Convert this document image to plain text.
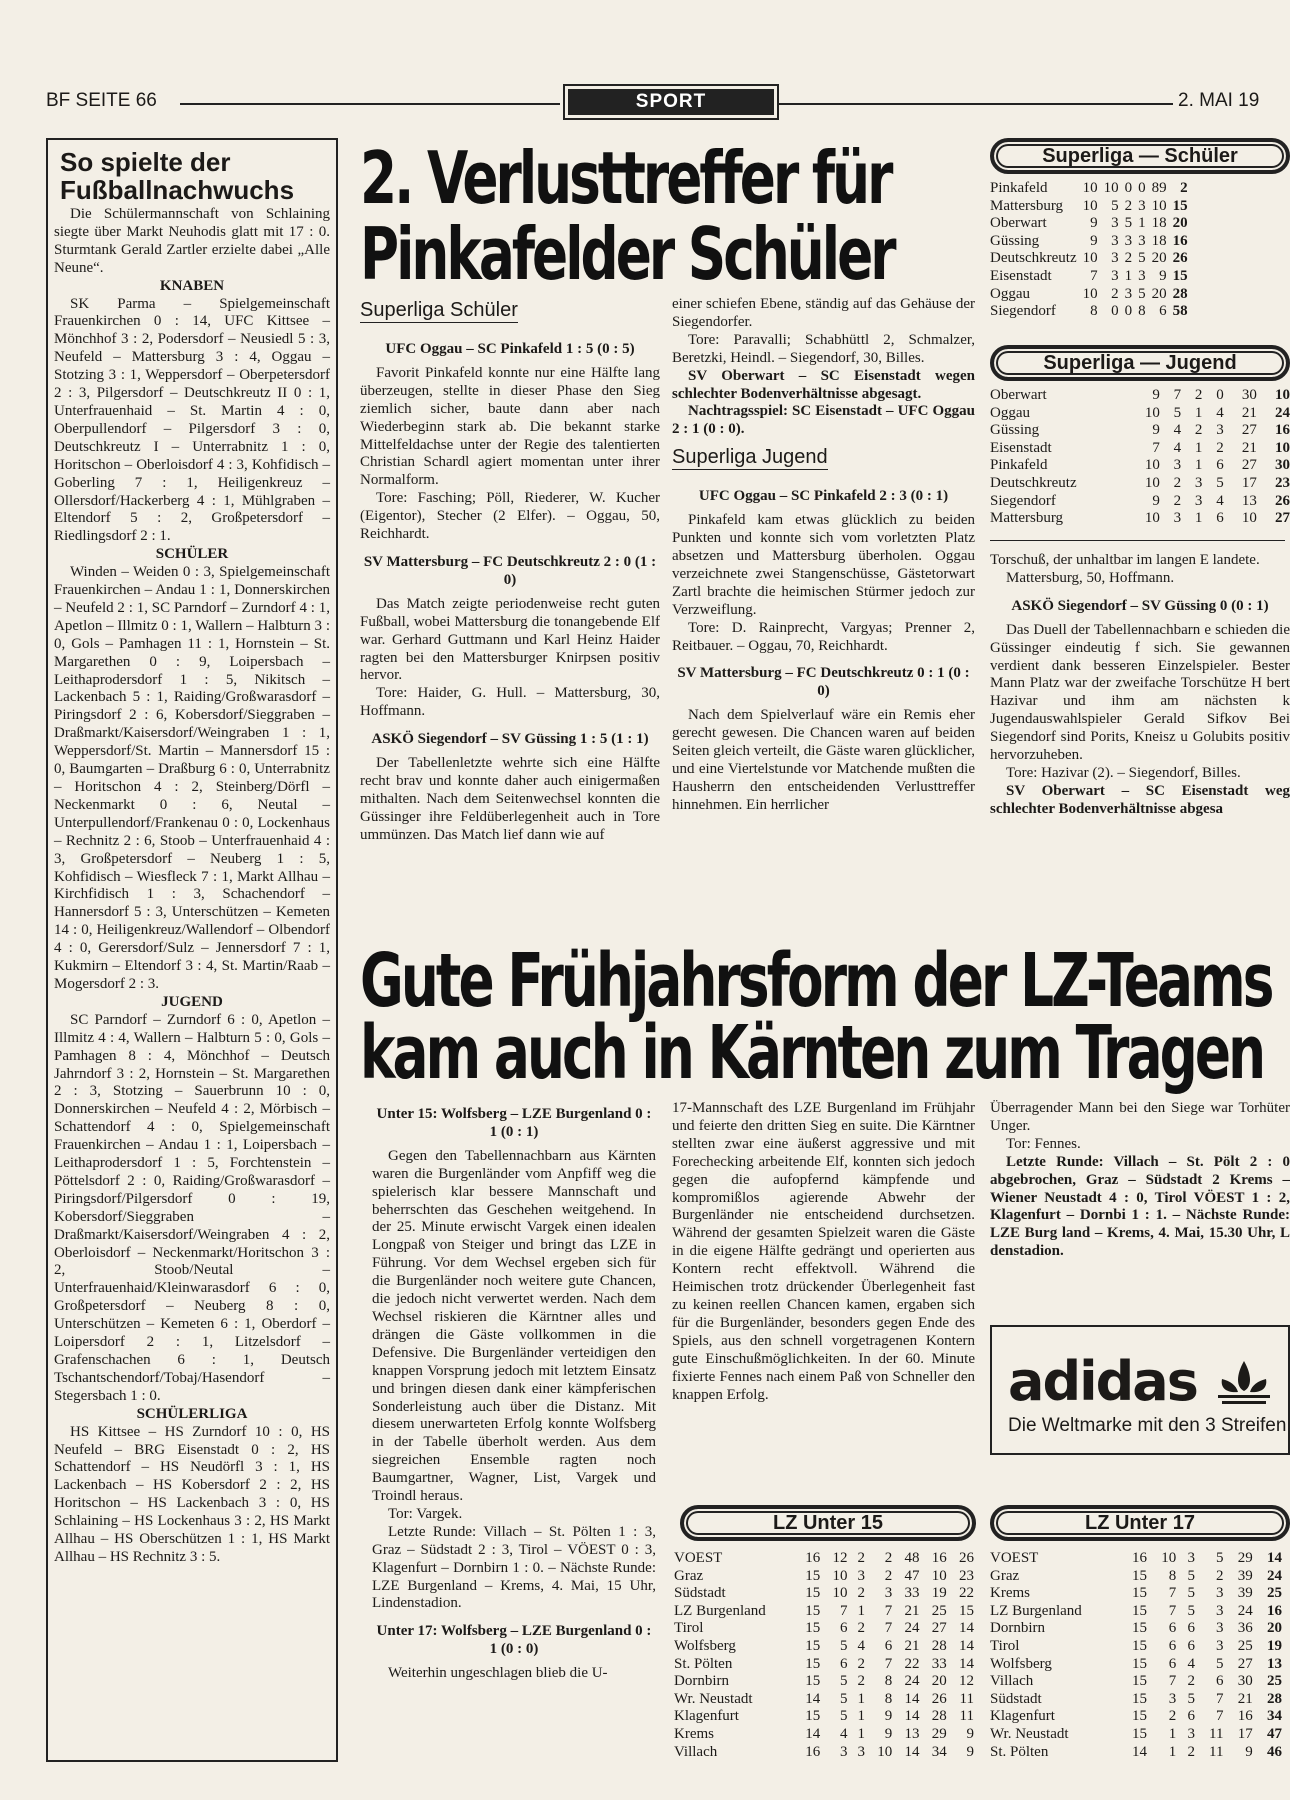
BF SEITE 66	SPORT	2. MAI 19
So spielte der Fußballnachwuchs

Die Schülermannschaft von Schlaining siegte über Markt Neuhodis glatt mit 17 : 0. Sturmtank Gerald Zartler erzielte dabei „Alle Neune“.

KNABEN

SK Parma – Spielgemeinschaft Frauenkirchen 0 : 14, UFC Kittsee – Mönchhof 3 : 2, Podersdorf – Neusiedl 5 : 3, Neufeld – Mattersburg 3 : 4, Oggau – Stotzing 3 : 1, Weppersdorf – Oberpetersdorf 2 : 3, Pilgersdorf – Deutschkreutz II 0 : 1, Unterfrauenhaid – St. Martin 4 : 0, Oberpullendorf – Pilgersdorf 3 : 0, Deutschkreutz I – Unterrabnitz 1 : 0, Horitschon – Oberloisdorf 4 : 3, Kohfidisch – Goberling 7 : 1, Heiligenkreuz – Ollersdorf/Hackerberg 4 : 1, Mühlgraben – Eltendorf 5 : 2, Großpetersdorf – Riedlingsdorf 2 : 1.

SCHÜLER

Winden – Weiden 0 : 3, Spielgemeinschaft Frauenkirchen – Andau 1 : 1, Donnerskirchen – Neufeld 2 : 1, SC Parndorf – Zurndorf 4 : 1, Apetlon – Illmitz 0 : 1, Wallern – Halbturn 3 : 0, Gols – Pamhagen 11 : 1, Hornstein – St. Margarethen 0 : 9, Loipersbach – Leithaprodersdorf 1 : 5, Nikitsch – Lackenbach 5 : 1, Raiding/Großwarasdorf – Piringsdorf 2 : 6, Kobersdorf/Sieggraben – Draßmarkt/Kaisersdorf/Weingraben 1 : 1, Weppersdorf/St. Martin – Mannersdorf 15 : 0, Baumgarten – Draßburg 6 : 0, Unterrabnitz – Horitschon 4 : 2, Steinberg/Dörfl – Neckenmarkt 0 : 6, Neutal – Unterpullendorf/Frankenau 0 : 0, Lockenhaus – Rechnitz 2 : 6, Stoob – Unterfrauenhaid 4 : 3, Großpetersdorf – Neuberg 1 : 5, Kohfidisch – Wiesfleck 7 : 1, Markt Allhau – Kirchfidisch 1 : 3, Schachendorf – Hannersdorf 5 : 3, Unterschützen – Kemeten 14 : 0, Heiligenkreuz/Wallendorf – Olbendorf 4 : 0, Gerersdorf/Sulz – Jennersdorf 7 : 1, Kukmirn – Eltendorf 3 : 4, St. Martin/Raab – Mogersdorf 2 : 3.

JUGEND

SC Parndorf – Zurndorf 6 : 0, Apetlon – Illmitz 4 : 4, Wallern – Halbturn 5 : 0, Gols – Pamhagen 8 : 4, Mönchhof – Deutsch Jahrndorf 3 : 2, Hornstein – St. Margarethen 2 : 3, Stotzing – Sauerbrunn 10 : 0, Donnerskirchen – Neufeld 4 : 2, Mörbisch – Schattendorf 4 : 0, Spielgemeinschaft Frauenkirchen – Andau 1 : 1, Loipersbach – Leithaprodersdorf 1 : 5, Forchtenstein – Pöttelsdorf 2 : 0, Raiding/Großwarasdorf – Piringsdorf/Pilgersdorf 0 : 19, Kobersdorf/Sieggraben – Draßmarkt/Kaisersdorf/Weingraben 4 : 2, Oberloisdorf – Neckenmarkt/Horitschon 3 : 2, Stoob/Neutal – Unterfrauenhaid/Kleinwarasdorf 6 : 0, Großpetersdorf – Neuberg 8 : 0, Unterschützen – Kemeten 6 : 1, Oberdorf – Loipersdorf 2 : 1, Litzelsdorf – Grafenschachen 6 : 1, Deutsch Tschantschendorf/Tobaj/Hasendorf – Stegersbach 1 : 0.

SCHÜLERLIGA

HS Kittsee – HS Zurndorf 10 : 0, HS Neufeld – BRG Eisenstadt 0 : 2, HS Schattendorf – HS Neudörfl 3 : 1, HS Lackenbach – HS Kobersdorf 2 : 2, HS Horitschon – HS Lackenbach 3 : 0, HS Schlaining – HS Lockenhaus 3 : 2, HS Markt Allhau – HS Oberschützen 1 : 1, HS Markt Allhau – HS Rechnitz 3 : 5.

2. Verlusttreffer für
Pinkafelder Schüler
Superliga Schüler

UFC Oggau – SC Pinkafeld 1 : 5 (0 : 5)

Favorit Pinkafeld konnte nur eine Hälfte lang überzeugen, stellte in dieser Phase den Sieg ziemlich sicher, baute dann aber nach Wiederbeginn stark ab. Die bekannt starke Mittelfeldachse unter der Regie des talentierten Christian Schardl agiert momentan unter ihrer Normalform.

Tore: Fasching; Pöll, Riederer, W. Kucher (Eigentor), Stecher (2 Elfer). – Oggau, 50, Reichhardt.

SV Mattersburg – FC Deutschkreutz 2 : 0 (1 : 0)

Das Match zeigte periodenweise recht guten Fußball, wobei Mattersburg die tonangebende Elf war. Gerhard Guttmann und Karl Heinz Haider ragten bei den Mattersburger Knirpsen positiv hervor.

Tore: Haider, G. Hull. – Mattersburg, 30, Hoffmann.

ASKÖ Siegendorf – SV Güssing 1 : 5 (1 : 1)

Der Tabellenletzte wehrte sich eine Hälfte recht brav und konnte daher auch einigermaßen mithalten. Nach dem Seitenwechsel konnten die Güssinger ihre Feldüberlegenheit auch in Tore ummünzen. Das Match lief dann wie auf

einer schiefen Ebene, ständig auf das Gehäuse der Siegendorfer.

Tore: Paravalli; Schabhüttl 2, Schmalzer, Beretzki, Heindl. – Siegendorf, 30, Billes.

SV Oberwart – SC Eisenstadt wegen schlechter Bodenverhältnisse abgesagt.

Nachtragsspiel: SC Eisenstadt – UFC Oggau 2 : 1 (0 : 0).

Superliga Jugend

UFC Oggau – SC Pinkafeld 2 : 3 (0 : 1)

Pinkafeld kam etwas glücklich zu beiden Punkten und konnte sich vom vorletzten Platz absetzen und Mattersburg überholen. Oggau verzeichnete zwei Stangenschüsse, Gästetorwart Zartl brachte die heimischen Stürmer jedoch zur Verzweiflung.

Tore: D. Rainprecht, Vargyas; Prenner 2, Reitbauer. – Oggau, 70, Reichhardt.

SV Mattersburg – FC Deutschkreutz 0 : 1 (0 : 0)

Nach dem Spielverlauf wäre ein Remis eher gerecht gewesen. Die Chancen waren auf beiden Seiten gleich verteilt, die Gäste waren glücklicher, und eine Viertelstunde vor Matchende mußten die Hausherrn den entscheidenden Verlusttreffer hinnehmen. Ein herrlicher

Superliga — Schüler
Pinkafeld	10	10	0	0	89	2
Mattersburg	10	5	2	3	10	15
Oberwart	9	3	5	1	18	20
Güssing	9	3	3	3	18	16
Deutschkreutz	10	3	2	5	20	26
Eisenstadt	7	3	1	3	9	15
Oggau	10	2	3	5	20	28
Siegendorf	8	0	0	8	6	58
Superliga — Jugend
Oberwart	9	7	2	0	30	10
Oggau	10	5	1	4	21	24
Güssing	9	4	2	3	27	16
Eisenstadt	7	4	1	2	21	10
Pinkafeld	10	3	1	6	27	30
Deutschkreutz	10	2	3	5	17	23
Siegendorf	9	2	3	4	13	26
Mattersburg	10	3	1	6	10	27

Torschuß, der unhaltbar im langen E landete.

Mattersburg, 50, Hoffmann.

ASKÖ Siegendorf – SV Güssing 0 (0 : 1)

Das Duell der Tabellennachbarn e schieden die Güssinger eindeutig f sich. Sie gewannen verdient dank besseren Einzelspieler. Bester Mann Platz war der zweifache Torschütze H bert Hazivar und ihm am nächsten k Jugendauswahlspieler Gerald Sifkov Bei Siegendorf sind Porits, Kneisz u Golubits positiv hervorzuheben.

Tore: Hazivar (2). – Siegendorf, Billes.

SV Oberwart – SC Eisenstadt weg schlechter Bodenverhältnisse abgesa

Gute Frühjahrsform der LZ-Teams
kam auch in Kärnten zum Tragen

Unter 15: Wolfsberg – LZE Burgenland 0 : 1 (0 : 1)

Gegen den Tabellennachbarn aus Kärnten waren die Burgenländer vom Anpfiff weg die spielerisch klar bessere Mannschaft und beherrschten das Geschehen weitgehend. In der 25. Minute erwischt Vargek einen idealen Longpaß von Steiger und bringt das LZE in Führung. Vor dem Wechsel ergeben sich für die Burgenländer noch weitere gute Chancen, die jedoch nicht verwertet werden. Nach dem Wechsel riskieren die Kärntner alles und drängen die Gäste vollkommen in die Defensive. Die Burgenländer verteidigen den knappen Vorsprung jedoch mit letztem Einsatz und bringen diesen dank einer kämpferischen Sonderleistung auch über die Distanz. Mit diesem unerwarteten Erfolg konnte Wolfsberg in der Tabelle überholt werden. Aus dem siegreichen Ensemble ragten noch Baumgartner, Wagner, List, Vargek und Troindl heraus.

Tor: Vargek.

Letzte Runde: Villach – St. Pölten 1 : 3, Graz – Südstadt 2 : 3, Tirol – VÖEST 0 : 3, Klagenfurt – Dornbirn 1 : 0. – Nächste Runde: LZE Burgenland – Krems, 4. Mai, 15 Uhr, Lindenstadion.

Unter 17: Wolfsberg – LZE Burgenland 0 : 1 (0 : 0)

Weiterhin ungeschlagen blieb die U-

17-Mannschaft des LZE Burgenland im Frühjahr und feierte den dritten Sieg en suite. Die Kärntner stellten zwar eine äußerst aggressive und mit Forechecking arbeitende Elf, konnten sich jedoch gegen die aufopfernd kämpfende und kompromißlos agierende Abwehr der Burgenländer nie entscheidend durchsetzen. Während der gesamten Spielzeit waren die Gäste in die eigene Hälfte gedrängt und operierten aus Kontern recht effektvoll. Während die Heimischen trotz drückender Überlegenheit fast zu keinen reellen Chancen kamen, ergaben sich für die Burgenländer, besonders gegen Ende des Spiels, aus den schnell vorgetragenen Kontern gute Einschußmöglichkeiten. In der 60. Minute fixierte Fennes nach einem Paß von Schneller den knappen Erfolg.

Überragender Mann bei den Siege war Torhüter Unger.

Tor: Fennes.

Letzte Runde: Villach – St. Pölt 2 : 0 abgebrochen, Graz – Südstadt 2 Krems – Wiener Neustadt 4 : 0, Tirol VÖEST 1 : 2, Klagenfurt – Dornbi 1 : 1. – Nächste Runde: LZE Burg land – Krems, 4. Mai, 15.30 Uhr, L denstadion.

adidas
Die Weltmarke mit den 3 Streifen
LZ Unter 15
VOEST	16	12	2	2	48	16	26
Graz	15	10	3	2	47	10	23
Südstadt	15	10	2	3	33	19	22
LZ Burgenland	15	7	1	7	21	25	15
Tirol	15	6	2	7	24	27	14
Wolfsberg	15	5	4	6	21	28	14
St. Pölten	15	6	2	7	22	33	14
Dornbirn	15	5	2	8	24	20	12
Wr. Neustadt	14	5	1	8	14	26	11
Klagenfurt	15	5	1	9	14	28	11
Krems	14	4	1	9	13	29	9
Villach	16	3	3	10	14	34	9
LZ Unter 17
VOEST	16	10	3	5	29	14
Graz	15	8	5	2	39	24
Krems	15	7	5	3	39	25
LZ Burgenland	15	7	5	3	24	16
Dornbirn	15	6	6	3	36	20
Tirol	15	6	6	3	25	19
Wolfsberg	15	6	4	5	27	13
Villach	15	7	2	6	30	25
Südstadt	15	3	5	7	21	28
Klagenfurt	15	2	6	7	16	34
Wr. Neustadt	15	1	3	11	17	47
St. Pölten	14	1	2	11	9	46
